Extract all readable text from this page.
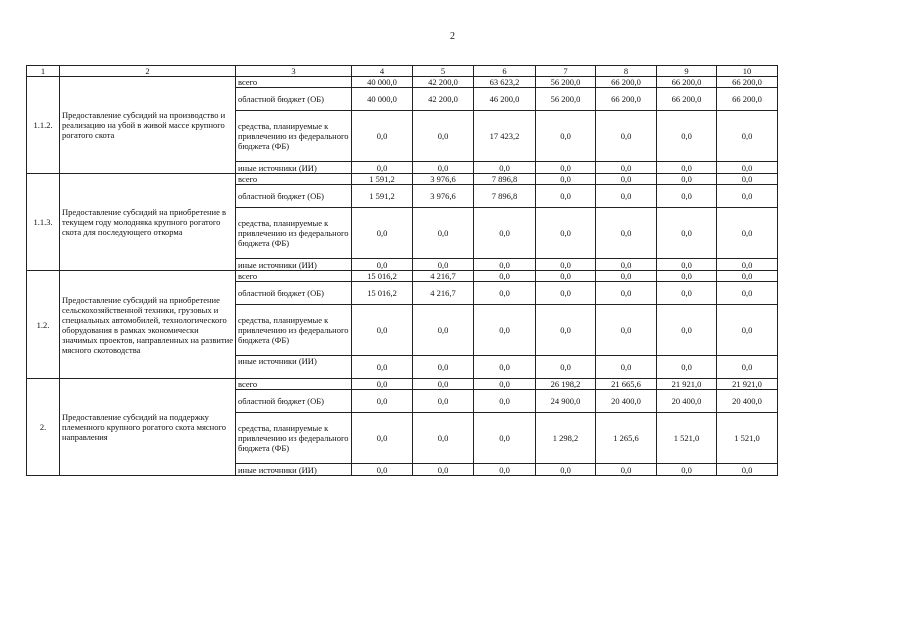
2
1	2	3	4	5	6	7	8	9	10
1.1.2.	Предоставление субсидий на производство и реализацию на убой в живой массе крупного рогатого скота	всего	40 000,0	42 200,0	63 623,2	56 200,0	66 200,0	66 200,0	66 200,0
		областной бюджет (ОБ)	40 000,0	42 200,0	46 200,0	56 200,0	66 200,0	66 200,0	66 200,0
		средства, планируемые к привлечению из федерального бюджета (ФБ)	0,0	0,0	17 423,2	0,0	0,0	0,0	0,0
		иные источники (ИИ)	0,0	0,0	0,0	0,0	0,0	0,0	0,0
1.1.3.	Предоставление субсидий на приобретение в текущем году молодняка крупного рогатого скота для последующего откорма	всего	1 591,2	3 976,6	7 896,8	0,0	0,0	0,0	0,0
		областной бюджет (ОБ)	1 591,2	3 976,6	7 896,8	0,0	0,0	0,0	0,0
		средства, планируемые к привлечению из федерального бюджета (ФБ)	0,0	0,0	0,0	0,0	0,0	0,0	0,0
		иные источники (ИИ)	0,0	0,0	0,0	0,0	0,0	0,0	0,0
1.2.	Предоставление субсидий на приобретение сельскохозяйственной техники, грузовых и специальных автомобилей, технологического оборудования в рамках экономически значимых проектов, направленных на развитие мясного скотоводства	всего	15 016,2	4 216,7	0,0	0,0	0,0	0,0	0,0
		областной бюджет (ОБ)	15 016,2	4 216,7	0,0	0,0	0,0	0,0	0,0
		средства, планируемые к привлечению из федерального бюджета (ФБ)	0,0	0,0	0,0	0,0	0,0	0,0	0,0
		иные источники (ИИ)	0,0	0,0	0,0	0,0	0,0	0,0	0,0
2.	Предоставление субсидий на поддержку племенного крупного рогатого скота мясного направления	всего	0,0	0,0	0,0	26 198,2	21 665,6	21 921,0	21 921,0
		областной бюджет (ОБ)	0,0	0,0	0,0	24 900,0	20 400,0	20 400,0	20 400,0
		средства, планируемые к привлечению из федерального бюджета (ФБ)	0,0	0,0	0,0	1 298,2	1 265,6	1 521,0	1 521,0
		иные источники (ИИ)	0,0	0,0	0,0	0,0	0,0	0,0	0,0
